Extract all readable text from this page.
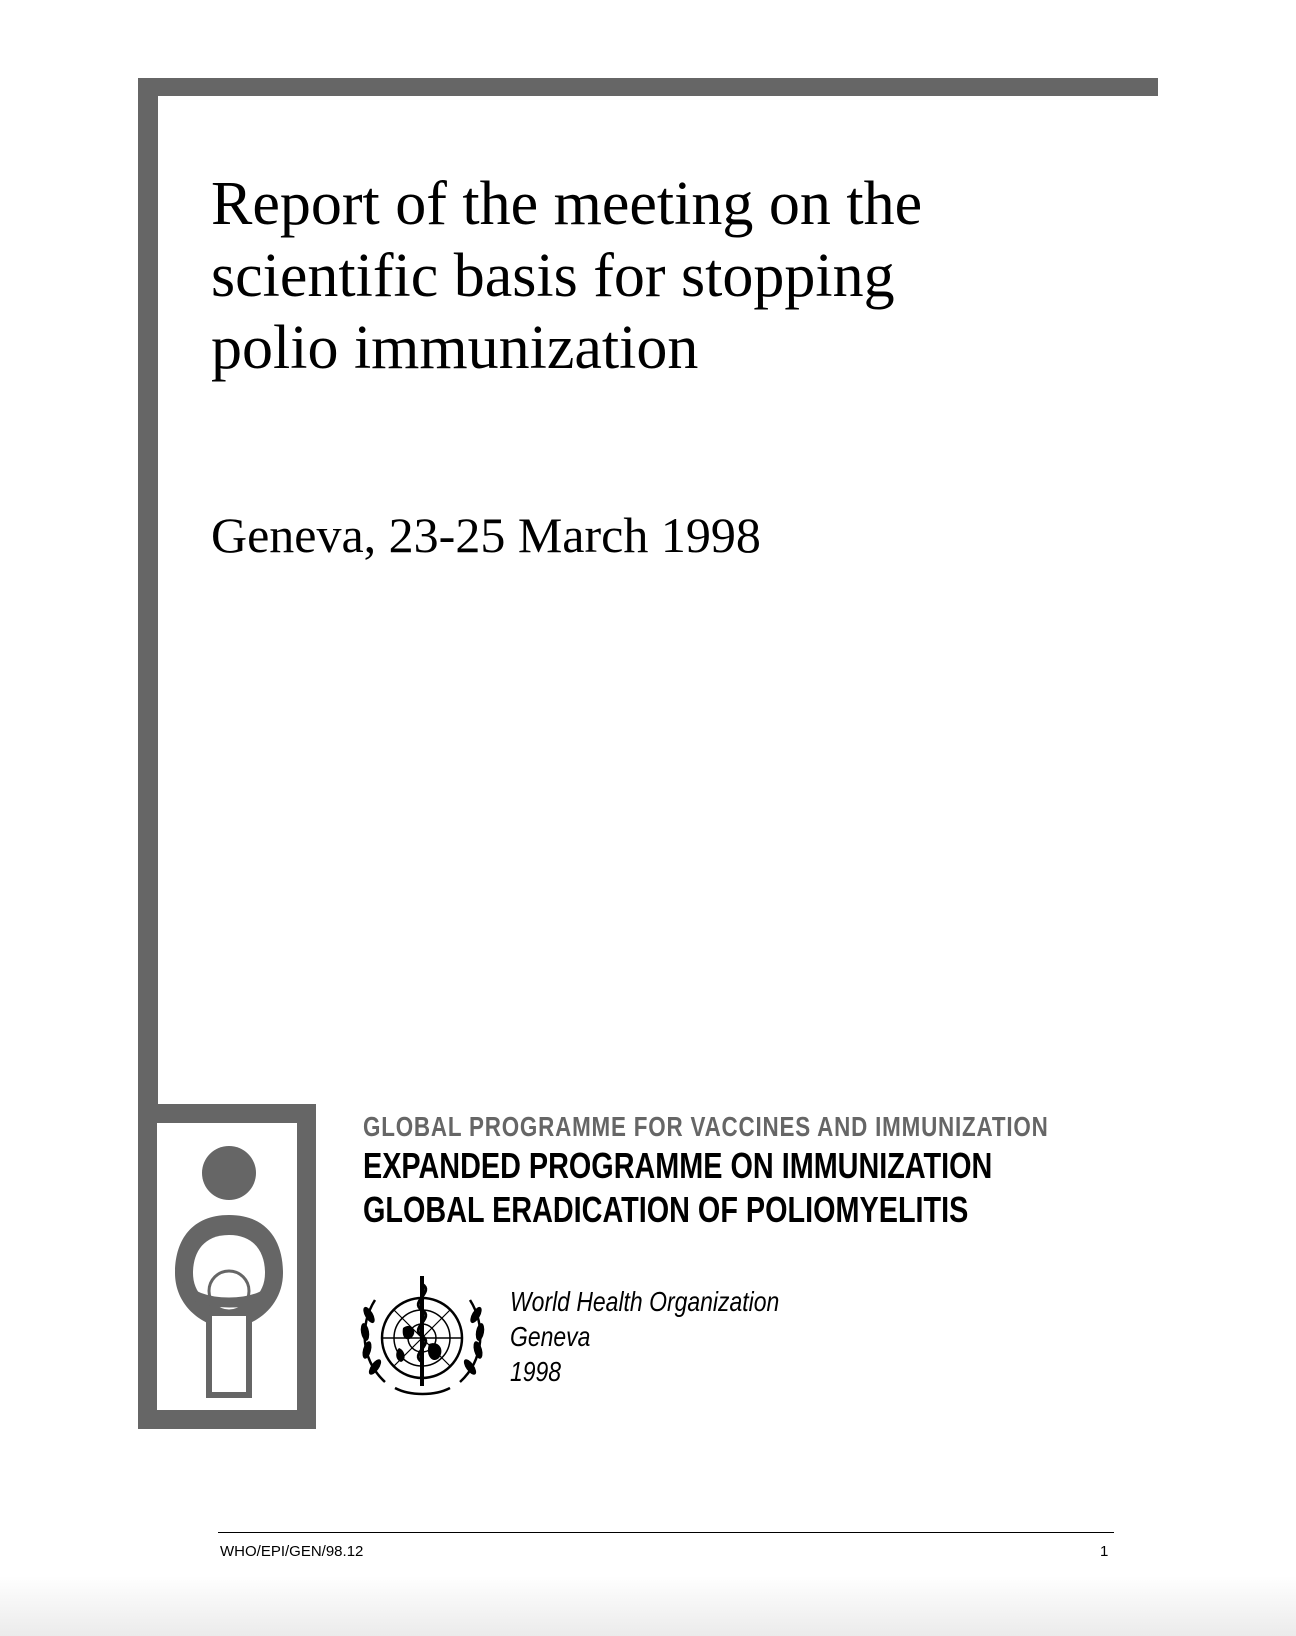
Report of the meeting on the
scientific basis for stopping
polio immunization
Geneva, 23-25 March 1998
GLOBAL PROGRAMME FOR VACCINES AND IMMUNIZATION
EXPANDED PROGRAMME ON IMMUNIZATION
GLOBAL ERADICATION OF POLIOMYELITIS
World Health Organization
Geneva
1998
WHO/EPI/GEN/98.12	1
